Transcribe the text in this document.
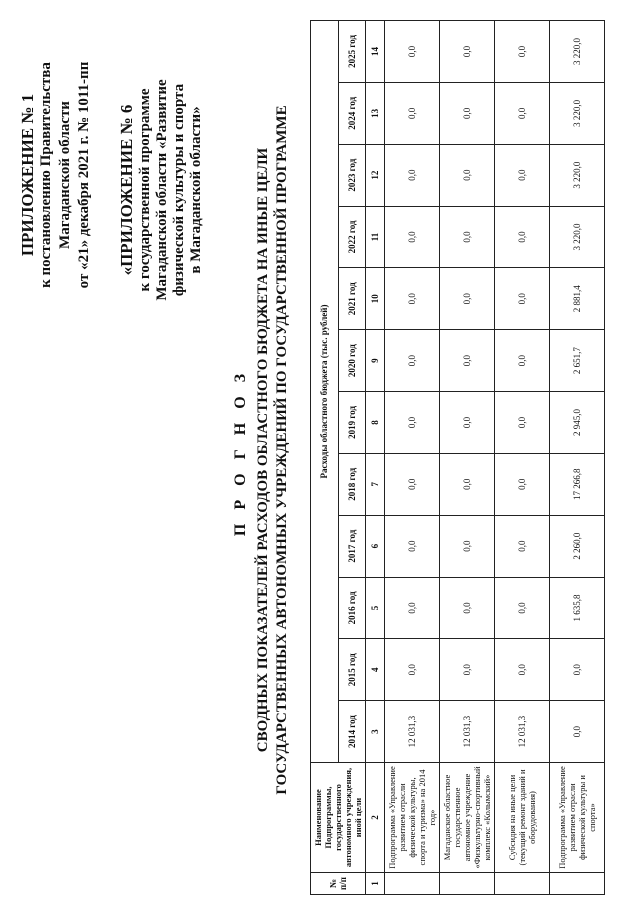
ПРИЛОЖЕНИЕ № 1 к постановлению Правительства Магаданской области от «21» декабря 2021 г. № 1011-пп «ПРИЛОЖЕНИЕ № 6 к государственной программе Магаданской области «Развитие физической культуры и спорта в Магаданской области»
П Р О Г Н О З СВОДНЫХ ПОКАЗАТЕЛЕЙ РАСХОДОВ ОБЛАСТНОГО БЮДЖЕТА НА ИНЫЕ ЦЕЛИ ГОСУДАРСТВЕННЫХ АВТОНОМНЫХ УЧРЕЖДЕНИЙ ПО ГОСУДАРСТВЕННОЙ ПРОГРАММЕ
№ п/п	Наименование Подпрограммы, государственного автономного учреждения, иной цели	Расходы областного бюджета (тыс. рублей)											
		2014 год	2015 год	2016 год	2017 год	2018 год	2019 год	2020 год	2021 год	2022 год	2023 год	2024 год	2025 год
1	2	3	4	5	6	7	8	9	10	11	12	13	14
	Подпрограмма «Управление развитием отрасли физической культуры, спорта и туризма» на 2014 год»	12 031,3	0,0	0,0	0,0	0,0	0,0	0,0	0,0	0,0	0,0	0,0	0,0
	Магаданское областное государственное автономное учреждение «Физкультурно-спортивный комплекс «Колымский»	12 031,3	0,0	0,0	0,0	0,0	0,0	0,0	0,0	0,0	0,0	0,0	0,0
	Субсидия на иные цели (текущий ремонт зданий и оборудования)	12 031,3	0,0	0,0	0,0	0,0	0,0	0,0	0,0	0,0	0,0	0,0	0,0
	Подпрограмма «Управление развитием отрасли физической культуры и спорта»	0,0	0,0	1 635,8	2 260,0	17 266,8	2 945,0	2 651,7	2 881,4	3 220,0	3 220,0	3 220,0	3 220,0
